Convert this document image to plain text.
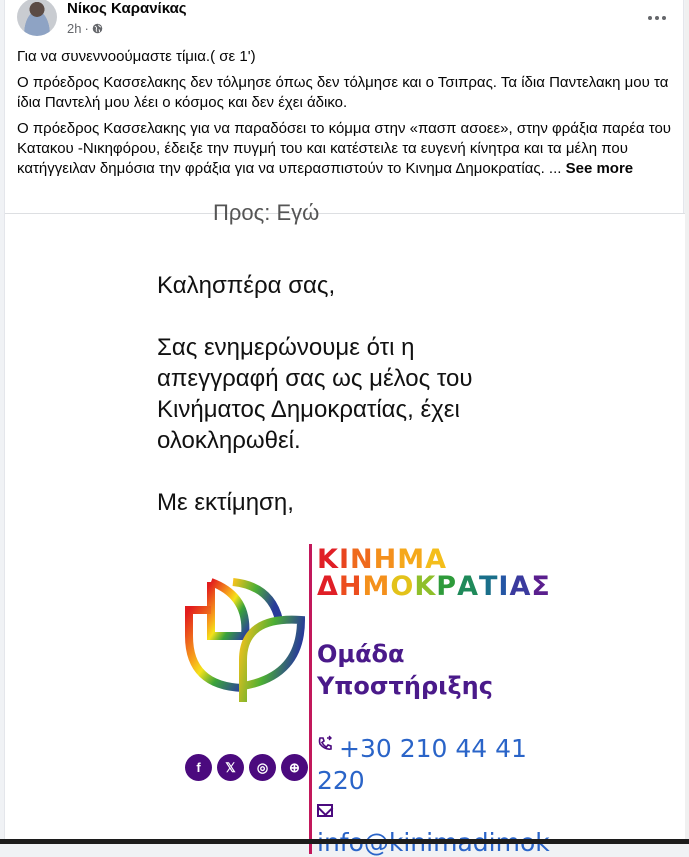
Νίκος Καρανίκας
2h ·

Για να συνεννοούμαστε τίμια.( σε 1')

Ο πρόεδρος Κασσελακης δεν τόλμησε όπως δεν τόλμησε και ο Τσιπρας. Τα ίδια Παντελακη μου τα ίδια Παντελή μου λέει ο κόσμος και δεν έχει άδικο.

Ο πρόεδρος Κασσελακης για να παραδόσει το κόμμα στην «πασπ ασοεε», στην φράξια παρέα του Κατακου -Νικηφόρου, έδειξε την πυγμή του και κατέστειλε τα ευγενή κίνητρα και τα μέλη που κατήγγειλαν δημόσια την φράξια για να υπερασπιστούν το Κινημα Δημοκρατίας. ... See more

Προς: Εγώ
Καλησπέρα σας,
Σας ενημερώνουμε ότι η
απεγγραφή σας ως μέλος του
Κινήματος Δημοκρατίας, έχει
ολοκληρωθεί.
Με εκτίμηση,
ΚΙΝΗΜΑ
ΔΗΜΟΚΡΑΤΙΑΣ
Ομάδα
Υποστήριξης
f	𝕏	◎	⊕
+30 210 44 41
220
